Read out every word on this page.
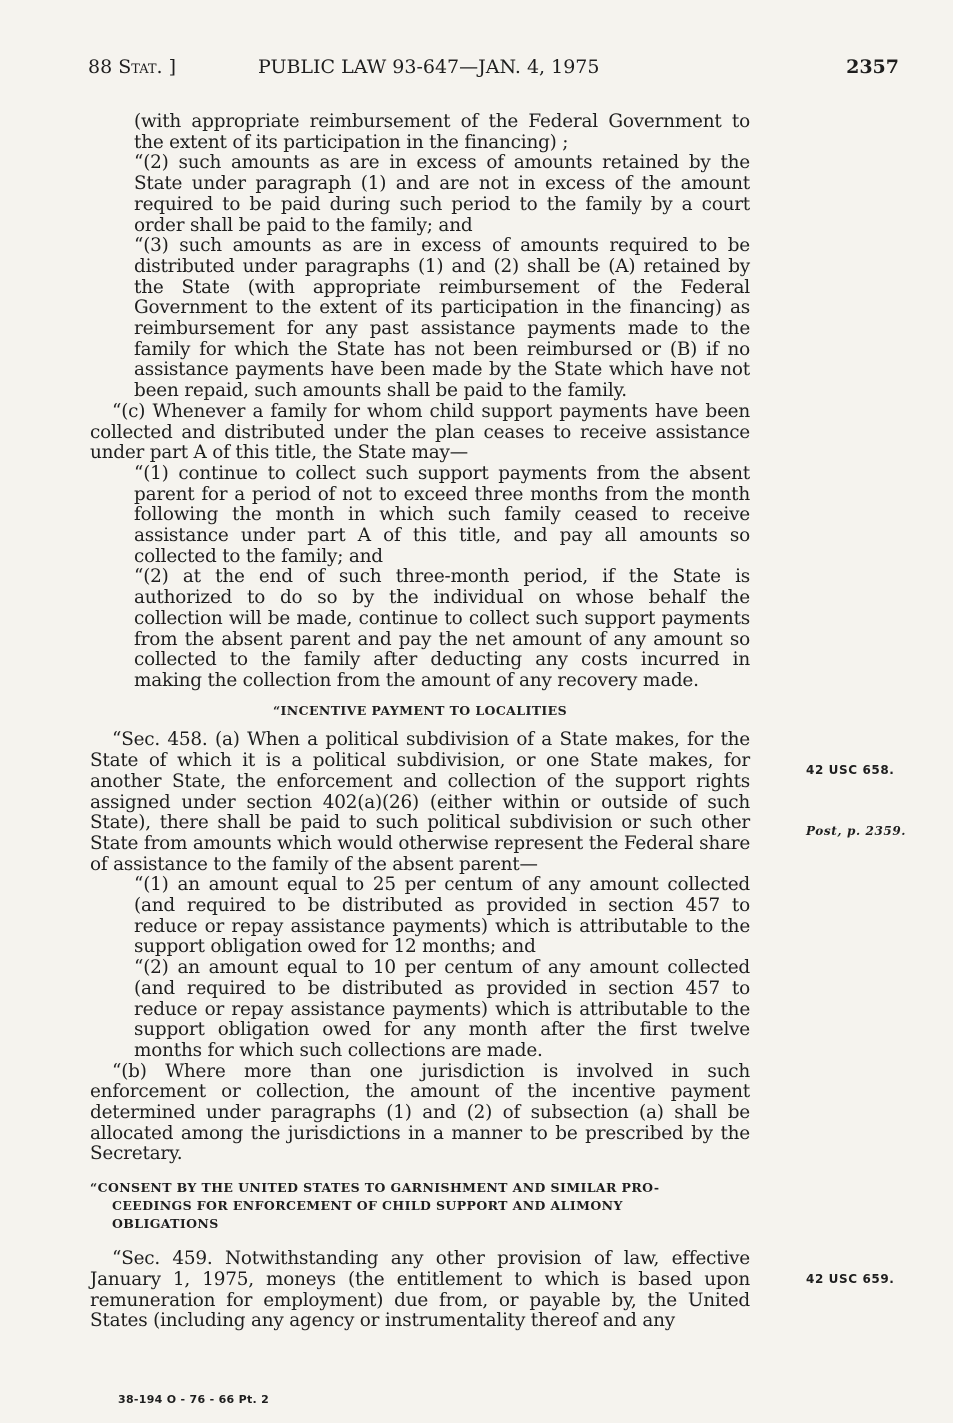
88 Stat. ]	PUBLIC LAW 93-647—JAN. 4, 1975	2357

(with appropriate reimbursement of the Federal Government to the extent of its participation in the financing) ;

“(2) such amounts as are in excess of amounts retained by the State under paragraph (1) and are not in excess of the amount required to be paid during such period to the family by a court order shall be paid to the family; and

“(3) such amounts as are in excess of amounts required to be distributed under paragraphs (1) and (2) shall be (A) retained by the State (with appropriate reimbursement of the Federal Government to the extent of its participation in the financing) as reimbursement for any past assistance payments made to the family for which the State has not been reimbursed or (B) if no assistance payments have been made by the State which have not been repaid, such amounts shall be paid to the family.

“(c) Whenever a family for whom child support payments have been collected and distributed under the plan ceases to receive assistance under part A of this title, the State may—

“(1) continue to collect such support payments from the absent parent for a period of not to exceed three months from the month following the month in which such family ceased to receive assistance under part A of this title, and pay all amounts so collected to the family; and

“(2) at the end of such three-month period, if the State is authorized to do so by the individual on whose behalf the collection will be made, continue to collect such support payments from the absent parent and pay the net amount of any amount so collected to the family after deducting any costs incurred in making the collection from the amount of any recovery made.

“INCENTIVE PAYMENT TO LOCALITIES

“Sec. 458. (a) When a political subdivision of a State makes, for the State of which it is a political subdivision, or one State makes, for another State, the enforcement and collection of the support rights assigned under section 402(a)(26) (either within or outside of such State), there shall be paid to such political subdivision or such other State from amounts which would otherwise represent the Federal share of assistance to the family of the absent parent—

“(1) an amount equal to 25 per centum of any amount collected (and required to be distributed as provided in section 457 to reduce or repay assistance payments) which is attributable to the support obligation owed for 12 months; and

“(2) an amount equal to 10 per centum of any amount collected (and required to be distributed as provided in section 457 to reduce or repay assistance payments) which is attributable to the support obligation owed for any month after the first twelve months for which such collections are made.

“(b) Where more than one jurisdiction is involved in such enforcement or collection, the amount of the incentive payment determined under paragraphs (1) and (2) of subsection (a) shall be allocated among the jurisdictions in a manner to be prescribed by the Secretary.

“CONSENT BY THE UNITED STATES TO GARNISHMENT AND SIMILAR PRO-
CEEDINGS FOR ENFORCEMENT OF CHILD SUPPORT AND ALIMONY
OBLIGATIONS

“Sec. 459. Notwithstanding any other provision of law, effective January 1, 1975, moneys (the entitlement to which is based upon remuneration for employment) due from, or payable by, the United States (including any agency or instrumentality thereof and any

42 USC 658.
Post, p. 2359.
42 USC 659.
38-194 O - 76 - 66 Pt. 2
